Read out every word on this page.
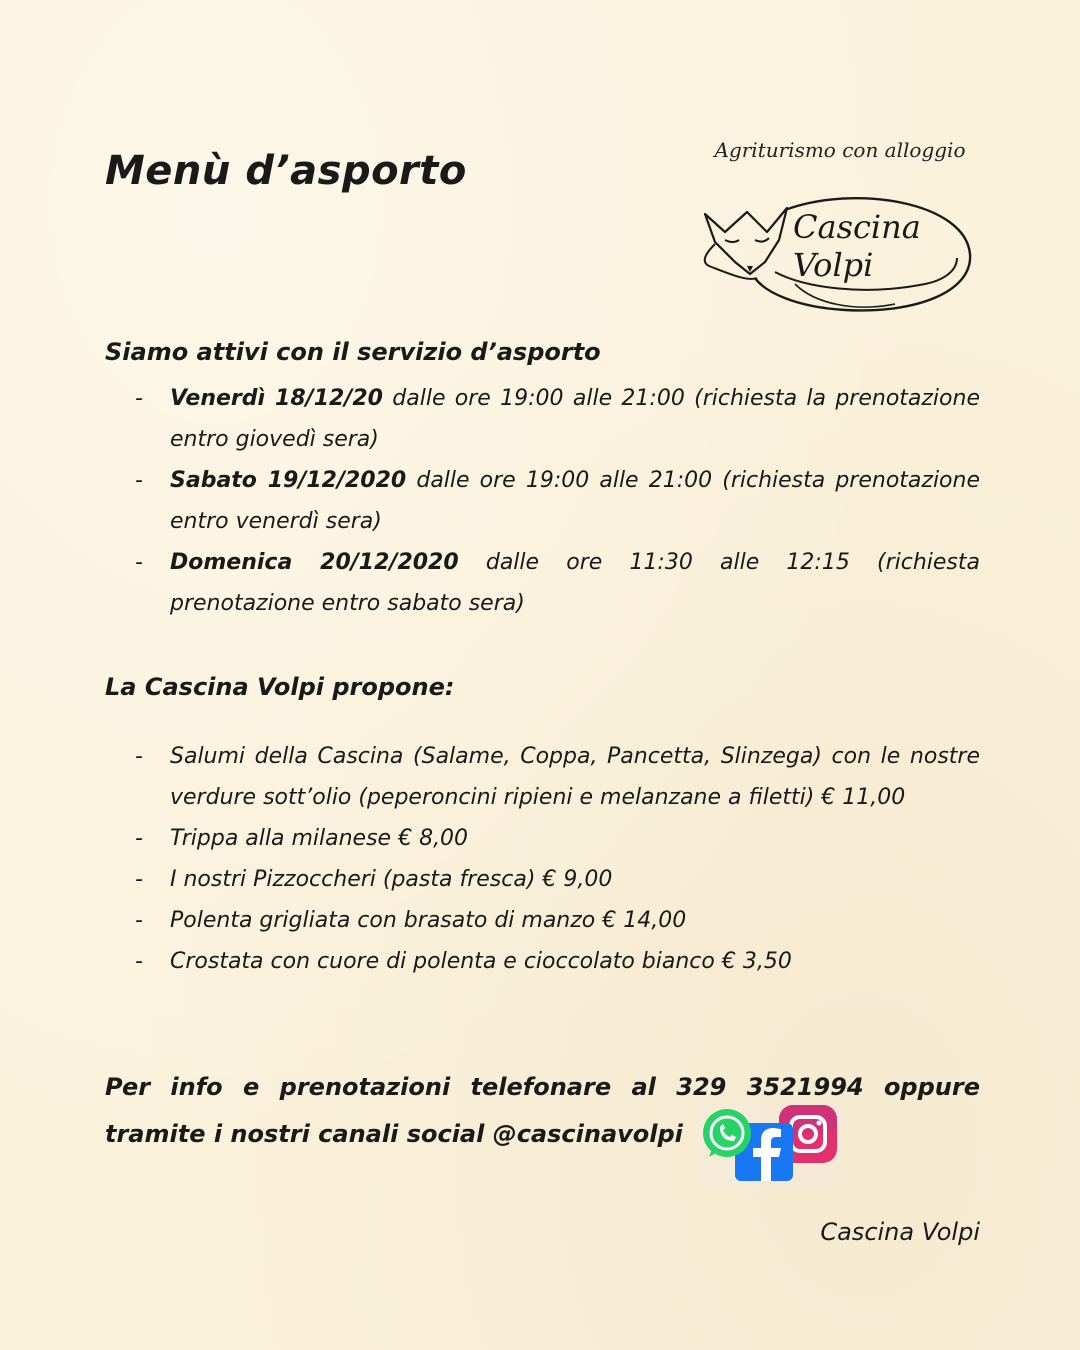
Menù d’asporto	Agriturismo con alloggio
Cascina Volpi
Siamo attivi con il servizio d’asporto
- Venerdì 18/12/20 dalle ore 19:00 alle 21:00 (richiesta la prenotazione entro giovedì sera)
- Sabato 19/12/2020 dalle ore 19:00 alle 21:00 (richiesta prenotazione entro venerdì sera)
- Domenica 20/12/2020 dalle ore 11:30 alle 12:15 (richiesta prenotazione entro sabato sera)
La Cascina Volpi propone:
- Salumi della Cascina (Salame, Coppa, Pancetta, Slinzega) con le nostre verdure sott’olio (peperoncini ripieni e melanzane a filetti) € 11,00
- Trippa alla milanese € 8,00
- I nostri Pizzoccheri (pasta fresca) € 9,00
- Polenta grigliata con brasato di manzo € 14,00
- Crostata con cuore di polenta e cioccolato bianco € 3,50

Per info e prenotazioni telefonare al 329 3521994 oppure
tramite i nostri canali social @cascinavolpi

Cascina Volpi
